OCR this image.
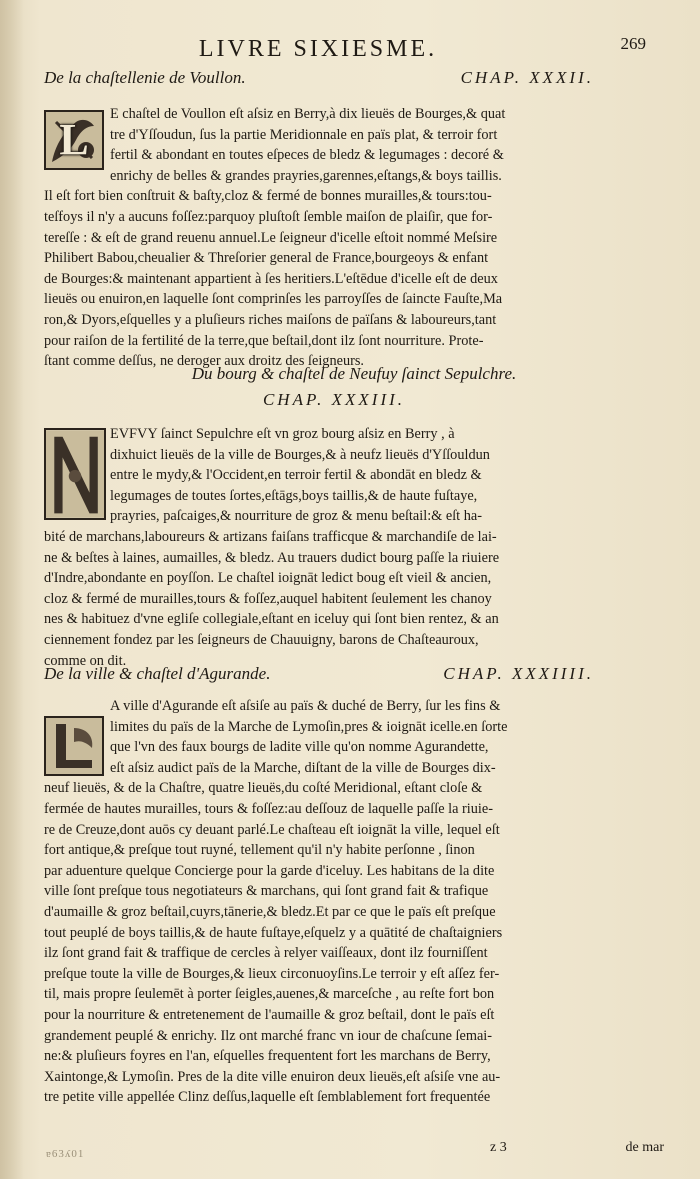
ɐ63ʎ01
LIVRE SIXIESME.	269
De la chaſtellenie de Voullon.	CHAP. XXXII.
L
E chaſtel de Voullon eſt aſsiz en Berry,à dix lieuës de Bourges,& quat
tre d'Yſſoudun, ſus la partie Meridionnale en païs plat, & terroir fort
fertil & abondant en toutes eſpeces de bledz & legumages : decoré &
enrichy de belles & grandes prayries,garennes,eſtangs,& boys taillis.
Il eſt fort bien conſtruit & baſty,cloz & fermé de bonnes murailles,& tours:tou-
teſfoys il n'y a aucuns foſſez:parquoy pluſtoſt ſemble maiſon de plaiſir, que for-
tereſſe : & eſt de grand reuenu annuel.Le ſeigneur d'icelle eſtoit nommé Meſsire
Philibert Babou,cheualier & Threſorier general de France,bourgeoys & enfant
de Bourges:& maintenant appartient à ſes heritiers.L'eſtēdue d'icelle eſt de deux
lieuës ou enuiron,en laquelle ſont comprinſes les parroyſſes de ſaincte Fauſte,Ma
ron,& Dyors,eſquelles y a pluſieurs riches maiſons de païſans & laboureurs,tant
pour raiſon de la fertilité de la terre,que beſtail,dont ilz ſont nourriture. Prote-
ſtant comme deſſus, ne deroger aux droitz des ſeigneurs.
Du bourg & chaſtel de Neufuy ſainct Sepulchre.
CHAP. XXXIII.
EVFVY ſainct Sepulchre eſt vn groz bourg aſsiz en Berry , à
dixhuict lieuës de la ville de Bourges,& à neufz lieuës d'Yſſouldun
entre le mydy,& l'Occident,en terroir fertil & abondāt en bledz &
legumages de toutes ſortes,eſtāgs,boys taillis,& de haute fuſtaye,
prayries, paſcaiges,& nourriture de groz & menu beſtail:& eſt ha-
bité de marchans,laboureurs & artizans faiſans trafficque & marchandiſe de lai-
ne & beſtes à laines, aumailles, & bledz. Au trauers dudict bourg paſſe la riuiere
d'Indre,abondante en poyſſon. Le chaſtel ioignāt ledict boug eſt vieil & ancien,
cloz & fermé de murailles,tours & foſſez,auquel habitent ſeulement les chanoy
nes & habituez d'vne egliſe collegiale,eſtant en iceluy qui ſont bien rentez, & an
ciennement fondez par les ſeigneurs de Chauuigny, barons de Chaſteauroux,
comme on dit.
De la ville & chaſtel d'Agurande.	CHAP. XXXIIII.
A ville d'Agurande eſt aſsiſe au païs & duché de Berry, ſur les fins &
limites du païs de la Marche de Lymoſin,pres & ioignāt icelle.en ſorte
que l'vn des faux bourgs de ladite ville qu'on nomme Agurandette,
eſt aſsiz audict païs de la Marche, diſtant de la ville de Bourges dix-
neuf lieuës, & de la Chaſtre, quatre lieuës,du coſté Meridional, eſtant cloſe &
fermée de hautes murailles, tours & foſſez:au deſſouz de laquelle paſſe la riuie-
re de Creuze,dont auōs cy deuant parlé.Le chaſteau eſt ioignāt la ville, lequel eſt
fort antique,& preſque tout ruyné, tellement qu'il n'y habite perſonne , ſinon
par aduenture quelque Concierge pour la garde d'iceluy. Les habitans de la dite
ville ſont preſque tous negotiateurs & marchans, qui ſont grand fait & trafique
d'aumaille & groz beſtail,cuyrs,tānerie,& bledz.Et par ce que le païs eſt preſque
tout peuplé de boys taillis,& de haute fuſtaye,eſquelz y a quātité de chaſtaigniers
ilz ſont grand fait & traffique de cercles à relyer vaiſſeaux, dont ilz fourniſſent
preſque toute la ville de Bourges,& lieux circonuoyſins.Le terroir y eſt aſſez fer-
til, mais propre ſeulemēt à porter ſeigles,auenes,& marceſche , au reſte fort bon
pour la nourriture & entretenement de l'aumaille & groz beſtail, dont le païs eſt
grandement peuplé & enrichy. Ilz ont marché franc vn iour de chaſcune ſemai-
ne:& pluſieurs foyres en l'an, eſquelles frequentent fort les marchans de Berry,
Xaintonge,& Lymoſin. Pres de la dite ville enuiron deux lieuës,eſt aſsiſe vne au-
tre petite ville appellée Clinz deſſus,laquelle eſt ſemblablement fort frequentée
z 3	de mar
